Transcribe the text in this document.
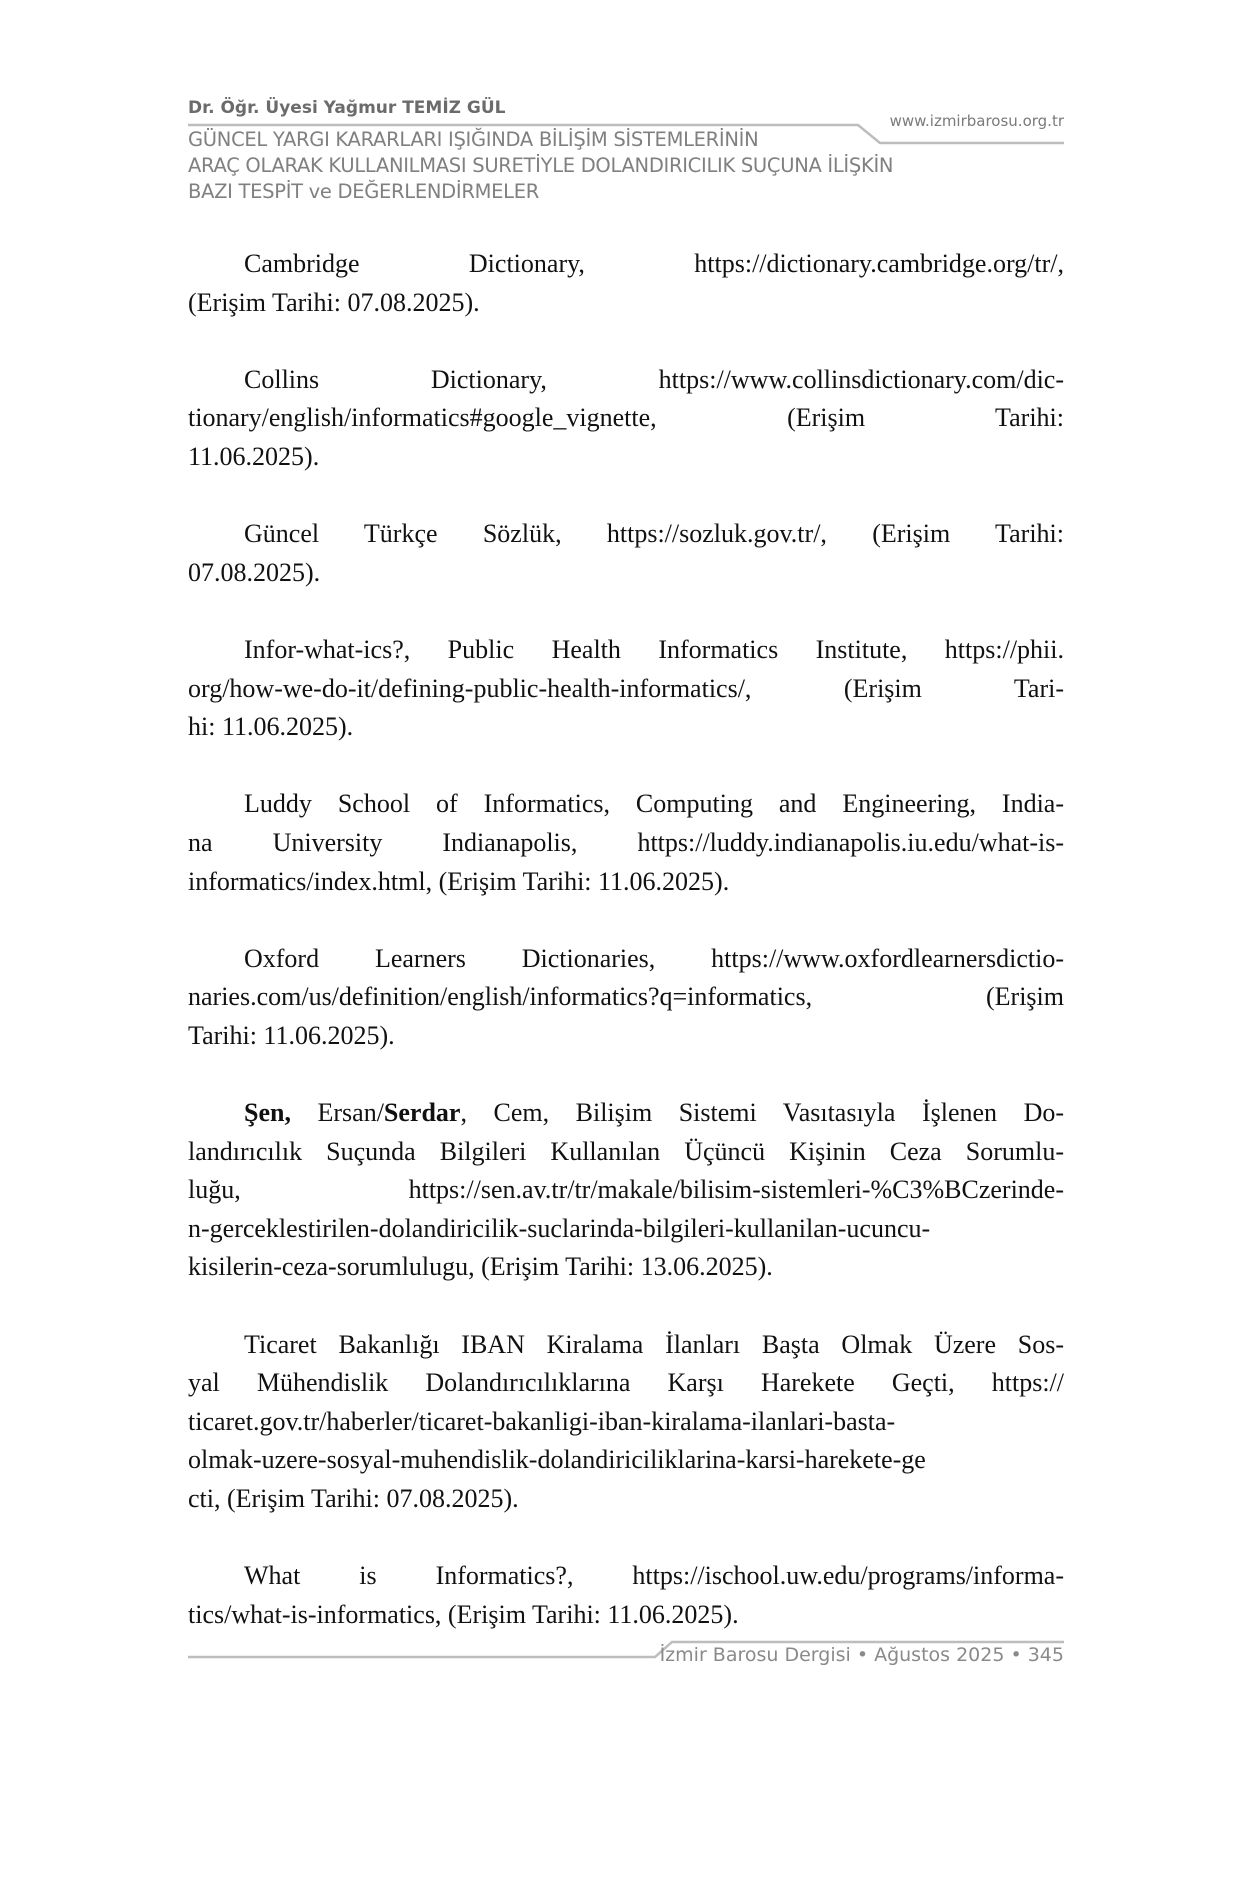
Dr. Öğr. Üyesi Yağmur TEMİZ GÜL
www.izmirbarosu.org.tr
GÜNCEL YARGI KARARLARI IŞIĞINDA BİLİŞİM SİSTEMLERİNİN
ARAÇ OLARAK KULLANILMASI SURETİYLE DOLANDIRICILIK SUÇUNA İLİŞKİN
BAZI TESPİT ve DEĞERLENDİRMELER
Cambridge Dictionary, https://dictionary.cambridge.org/tr/,
(Erişim Tarihi: 07.08.2025).
Collins Dictionary, https://www.collinsdictionary.com/dic-
tionary/english/informatics#google_vignette, (Erişim Tarihi:
11.06.2025).
Güncel Türkçe Sözlük, https://sozluk.gov.tr/, (Erişim Tarihi:
07.08.2025).
Infor-what-ics?, Public Health Informatics Institute, https://phii.
org/how-we-do-it/defining-public-health-informatics/, (Erişim Tari-
hi: 11.06.2025).
Luddy School of Informatics, Computing and Engineering, India-
na University Indianapolis, https://luddy.indianapolis.iu.edu/what-is-
informatics/index.html, (Erişim Tarihi: 11.06.2025).
Oxford Learners Dictionaries, https://www.oxfordlearnersdictio-
naries.com/us/definition/english/informatics?q=informatics, (Erişim
Tarihi: 11.06.2025).
Şen, Ersan/Serdar, Cem, Bilişim Sistemi Vasıtasıyla İşlenen Do-
landırıcılık Suçunda Bilgileri Kullanılan Üçüncü Kişinin Ceza Sorumlu-
luğu, https://sen.av.tr/tr/makale/bilisim-sistemleri-%C3%BCzerinde-
n-gerceklestirilen-dolandiricilik-suclarinda-bilgileri-kullanilan-ucuncu-
kisilerin-ceza-sorumlulugu, (Erişim Tarihi: 13.06.2025).
Ticaret Bakanlığı IBAN Kiralama İlanları Başta Olmak Üzere Sos-
yal Mühendislik Dolandırıcılıklarına Karşı Harekete Geçti, https://
ticaret.gov.tr/haberler/ticaret-bakanligi-iban-kiralama-ilanlari-basta-
olmak-uzere-sosyal-muhendislik-dolandiriciliklarina-karsi-harekete-ge
cti, (Erişim Tarihi: 07.08.2025).
What is Informatics?, https://ischool.uw.edu/programs/informa-
tics/what-is-informatics, (Erişim Tarihi: 11.06.2025).
İzmir Barosu Dergisi • Ağustos 2025 • 345
